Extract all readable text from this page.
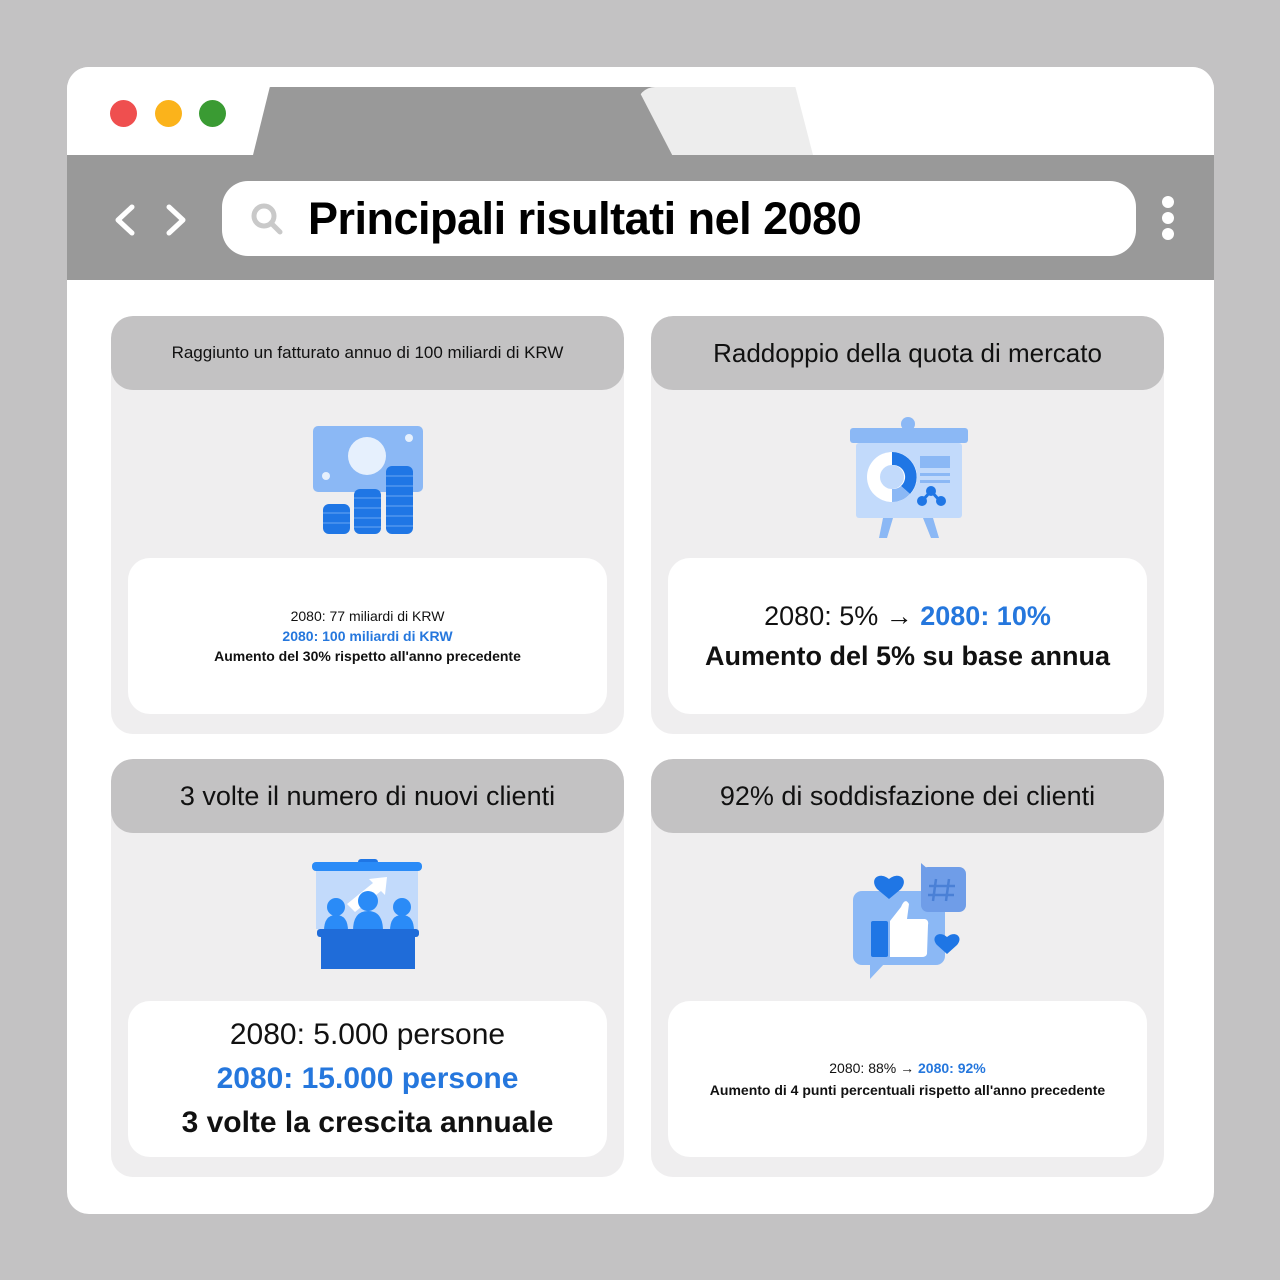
Principali risultati nel 2080
Raggiunto un fatturato annuo di 100 miliardi di KRW
2080: 77 miliardi di KRW
2080: 100 miliardi di KRW
Aumento del 30% rispetto all'anno precedente
Raddoppio della quota di mercato
2080: 5% → 2080: 10%
Aumento del 5% su base annua
3 volte il numero di nuovi clienti
2080: 5.000 persone
2080: 15.000 persone
3 volte la crescita annuale
92% di soddisfazione dei clienti
2080: 88% → 2080: 92%
Aumento di 4 punti percentuali rispetto all'anno precedente
